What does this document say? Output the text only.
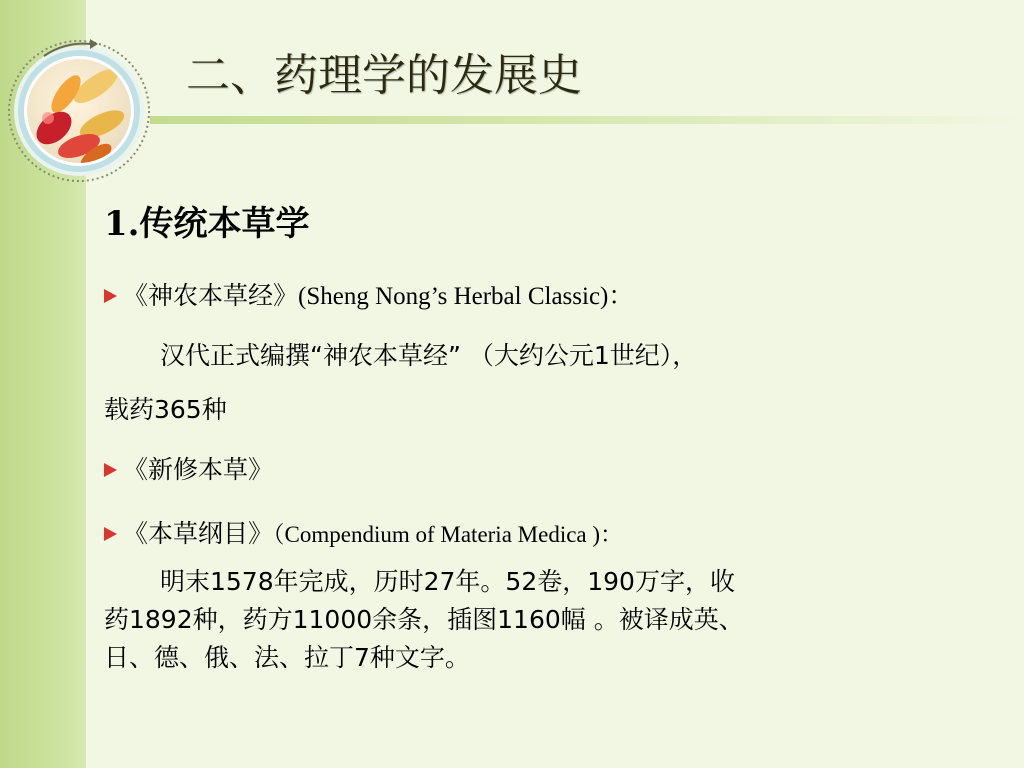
二、药理学的发展史
1.传统本草学
《神农本草经》(Sheng Nong’s Herbal Classic)：
汉代正式编撰“神农本草经” （大约公元1世纪），
载药365种
《新修本草》
《本草纲目》（Compendium of Materia Medica )：
明末1578年完成，历时27年。52卷，190万字，收
药1892种，药方11000余条，插图1160幅 。被译成英、
日、德、俄、法、拉丁7种文字。
